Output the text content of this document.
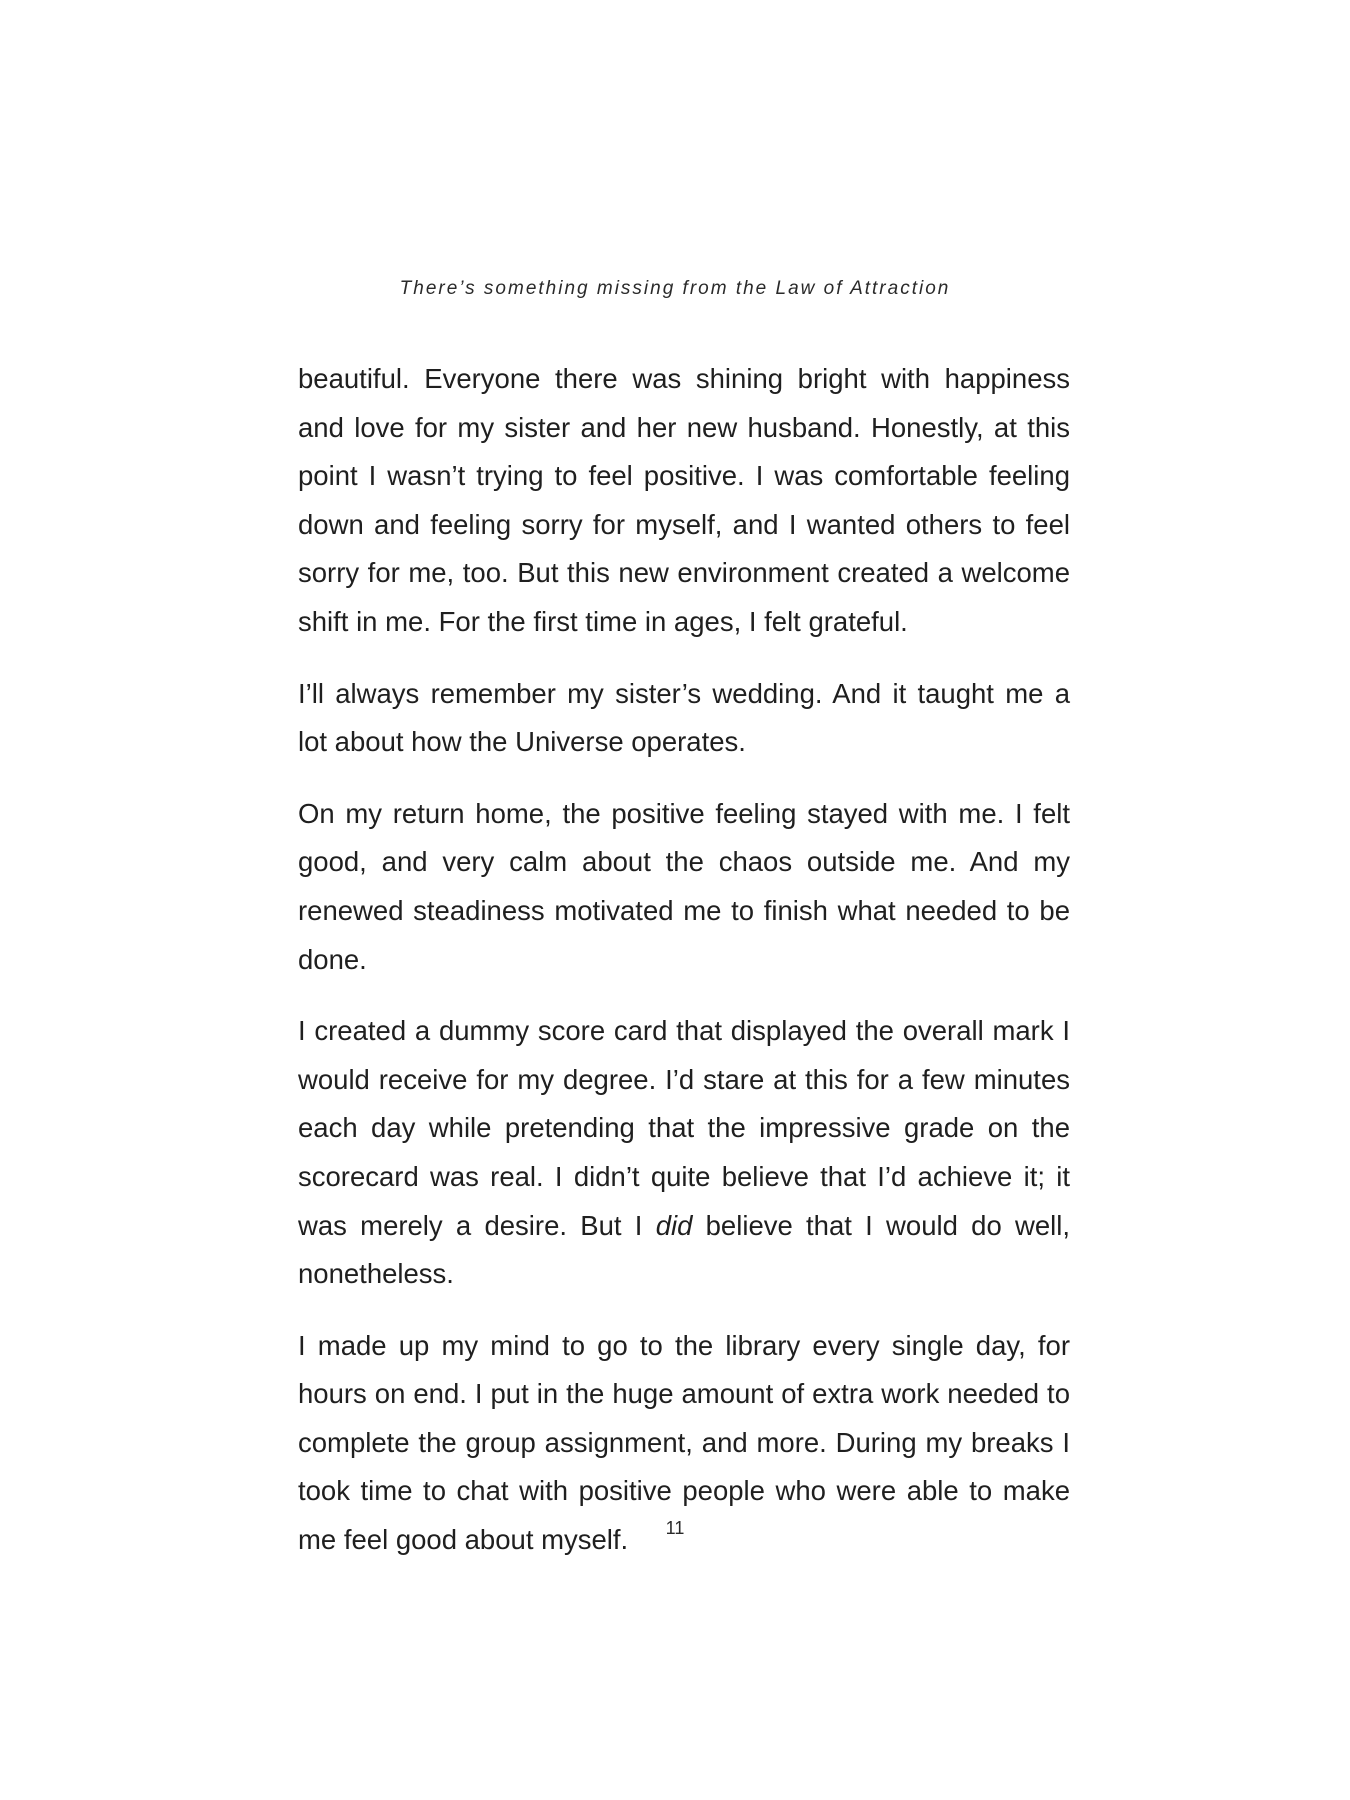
There’s something missing from the Law of Attraction

beautiful. Everyone there was shining bright with happiness and love for my sister and her new husband. Honestly, at this point I wasn’t trying to feel positive. I was comfortable feeling down and feeling sorry for myself, and I wanted others to feel sorry for me, too. But this new environment created a welcome shift in me. For the first time in ages, I felt grateful.

I’ll always remember my sister’s wedding. And it taught me a lot about how the Universe operates.

On my return home, the positive feeling stayed with me. I felt good, and very calm about the chaos outside me. And my renewed steadiness motivated me to finish what needed to be done.

I created a dummy score card that displayed the overall mark I would receive for my degree. I’d stare at this for a few minutes each day while pretending that the impressive grade on the scorecard was real. I didn’t quite believe that I’d achieve it; it was merely a desire. But I did believe that I would do well, nonetheless.

I made up my mind to go to the library every single day, for hours on end. I put in the huge amount of extra work needed to complete the group assignment, and more. During my breaks I took time to chat with positive people who were able to make me feel good about myself.	11
